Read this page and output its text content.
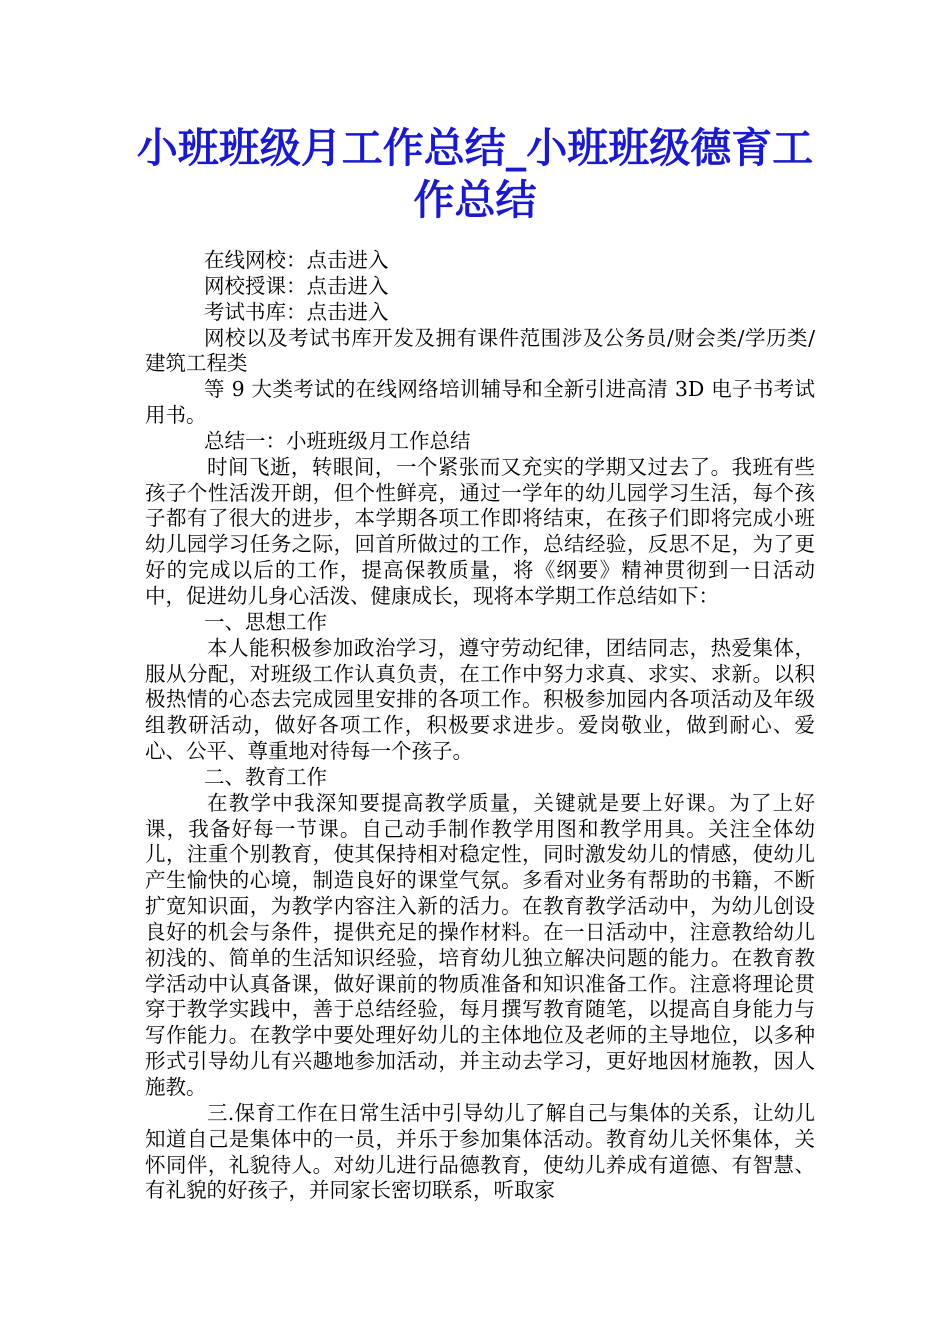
小班班级月工作总结_小班班级德育工作总结

在线网校：点击进入

网校授课：点击进入

考试书库：点击进入

网校以及考试书库开发及拥有课件范围涉及公务员/财会类/学历类/建筑工程类

等 9 大类考试的在线网络培训辅导和全新引进高清 3D 电子书考试用书。

总结一：小班班级月工作总结

时间飞逝，转眼间，一个紧张而又充实的学期又过去了。我班有些孩子个性活泼开朗，但个性鲜亮，通过一学年的幼儿园学习生活，每个孩子都有了很大的进步，本学期各项工作即将结束，在孩子们即将完成小班幼儿园学习任务之际，回首所做过的工作，总结经验，反思不足，为了更好的完成以后的工作，提高保教质量，将《纲要》精神贯彻到一日活动中，促进幼儿身心活泼、健康成长，现将本学期工作总结如下：

一、思想工作

本人能积极参加政治学习，遵守劳动纪律，团结同志，热爱集体，服从分配，对班级工作认真负责，在工作中努力求真、求实、求新。以积极热情的心态去完成园里安排的各项工作。积极参加园内各项活动及年级组教研活动，做好各项工作，积极要求进步。爱岗敬业，做到耐心、爱心、公平、尊重地对待每一个孩子。

二、教育工作

在教学中我深知要提高教学质量，关键就是要上好课。为了上好课，我备好每一节课。自己动手制作教学用图和教学用具。关注全体幼儿，注重个别教育，使其保持相对稳定性，同时激发幼儿的情感，使幼儿产生愉快的心境，制造良好的课堂气氛。多看对业务有帮助的书籍，不断扩宽知识面，为教学内容注入新的活力。在教育教学活动中，为幼儿创设良好的机会与条件，提供充足的操作材料。在一日活动中，注意教给幼儿初浅的、简单的生活知识经验，培育幼儿独立解决问题的能力。在教育教学活动中认真备课，做好课前的物质准备和知识准备工作。注意将理论贯穿于教学实践中，善于总结经验，每月撰写教育随笔，以提高自身能力与写作能力。在教学中要处理好幼儿的主体地位及老师的主导地位，以多种形式引导幼儿有兴趣地参加活动，并主动去学习，更好地因材施教，因人施教。

三.保育工作在日常生活中引导幼儿了解自己与集体的关系，让幼儿知道自己是集体中的一员，并乐于参加集体活动。教育幼儿关怀集体，关怀同伴，礼貌待人。对幼儿进行品德教育，使幼儿养成有道德、有智慧、有礼貌的好孩子，并同家长密切联系，听取家
